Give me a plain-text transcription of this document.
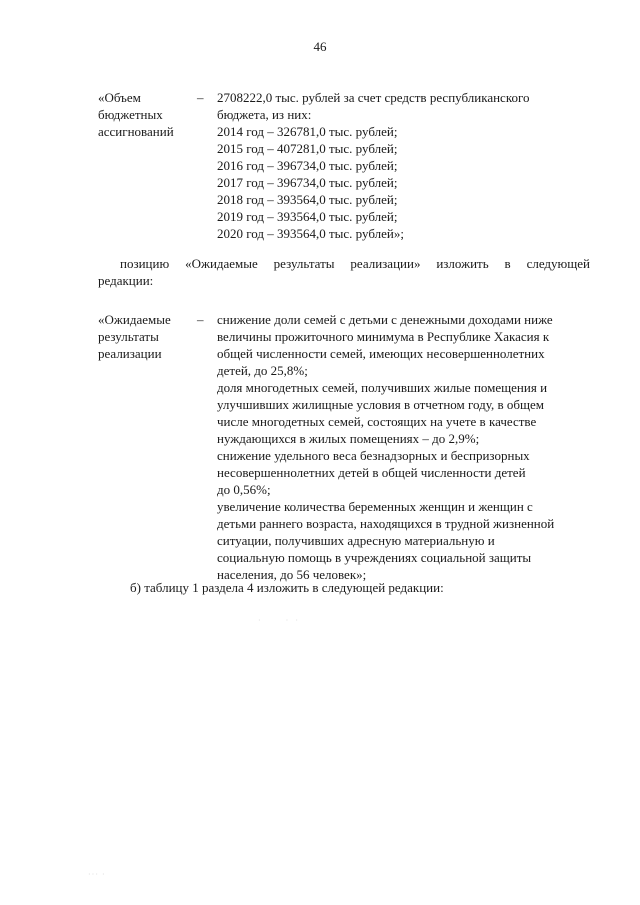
46
«Объем
бюджетных
ассигнований
–	2708222,0 тыс. рублей за счет средств республиканского
бюджета, из них:
2014 год – 326781,0 тыс. рублей;
2015 год – 407281,0 тыс. рублей;
2016 год – 396734,0 тыс. рублей;
2017 год – 396734,0 тыс. рублей;
2018 год – 393564,0 тыс. рублей;
2019 год – 393564,0 тыс. рублей;
2020 год – 393564,0 тыс. рублей»;
позицию «Ожидаемые результаты реализации» изложить в следующей
редакции:
«Ожидаемые
результаты
реализации
–	снижение доли семей с детьми с денежными доходами ниже
величины прожиточного минимума в Республике Хакасия к
общей численности семей, имеющих несовершеннолетних
детей, до 25,8%;
доля многодетных семей, получивших жилые помещения и
улучшивших жилищные условия в отчетном году, в общем
числе многодетных семей, состоящих на учете в качестве
нуждающихся в жилых помещениях – до 2,9%;
снижение удельного веса безнадзорных и беспризорных
несовершеннолетних детей в общей численности детей
до 0,56%;
увеличение количества беременных женщин и женщин с
детьми раннего возраста, находящихся в трудной жизненной
ситуации, получивших адресную материальную и
социальную помощь в учреждениях социальной защиты
населения, до 56 человек»;
б) таблицу 1 раздела 4 изложить в следующей редакции:
·        ·  ·
··· ·
